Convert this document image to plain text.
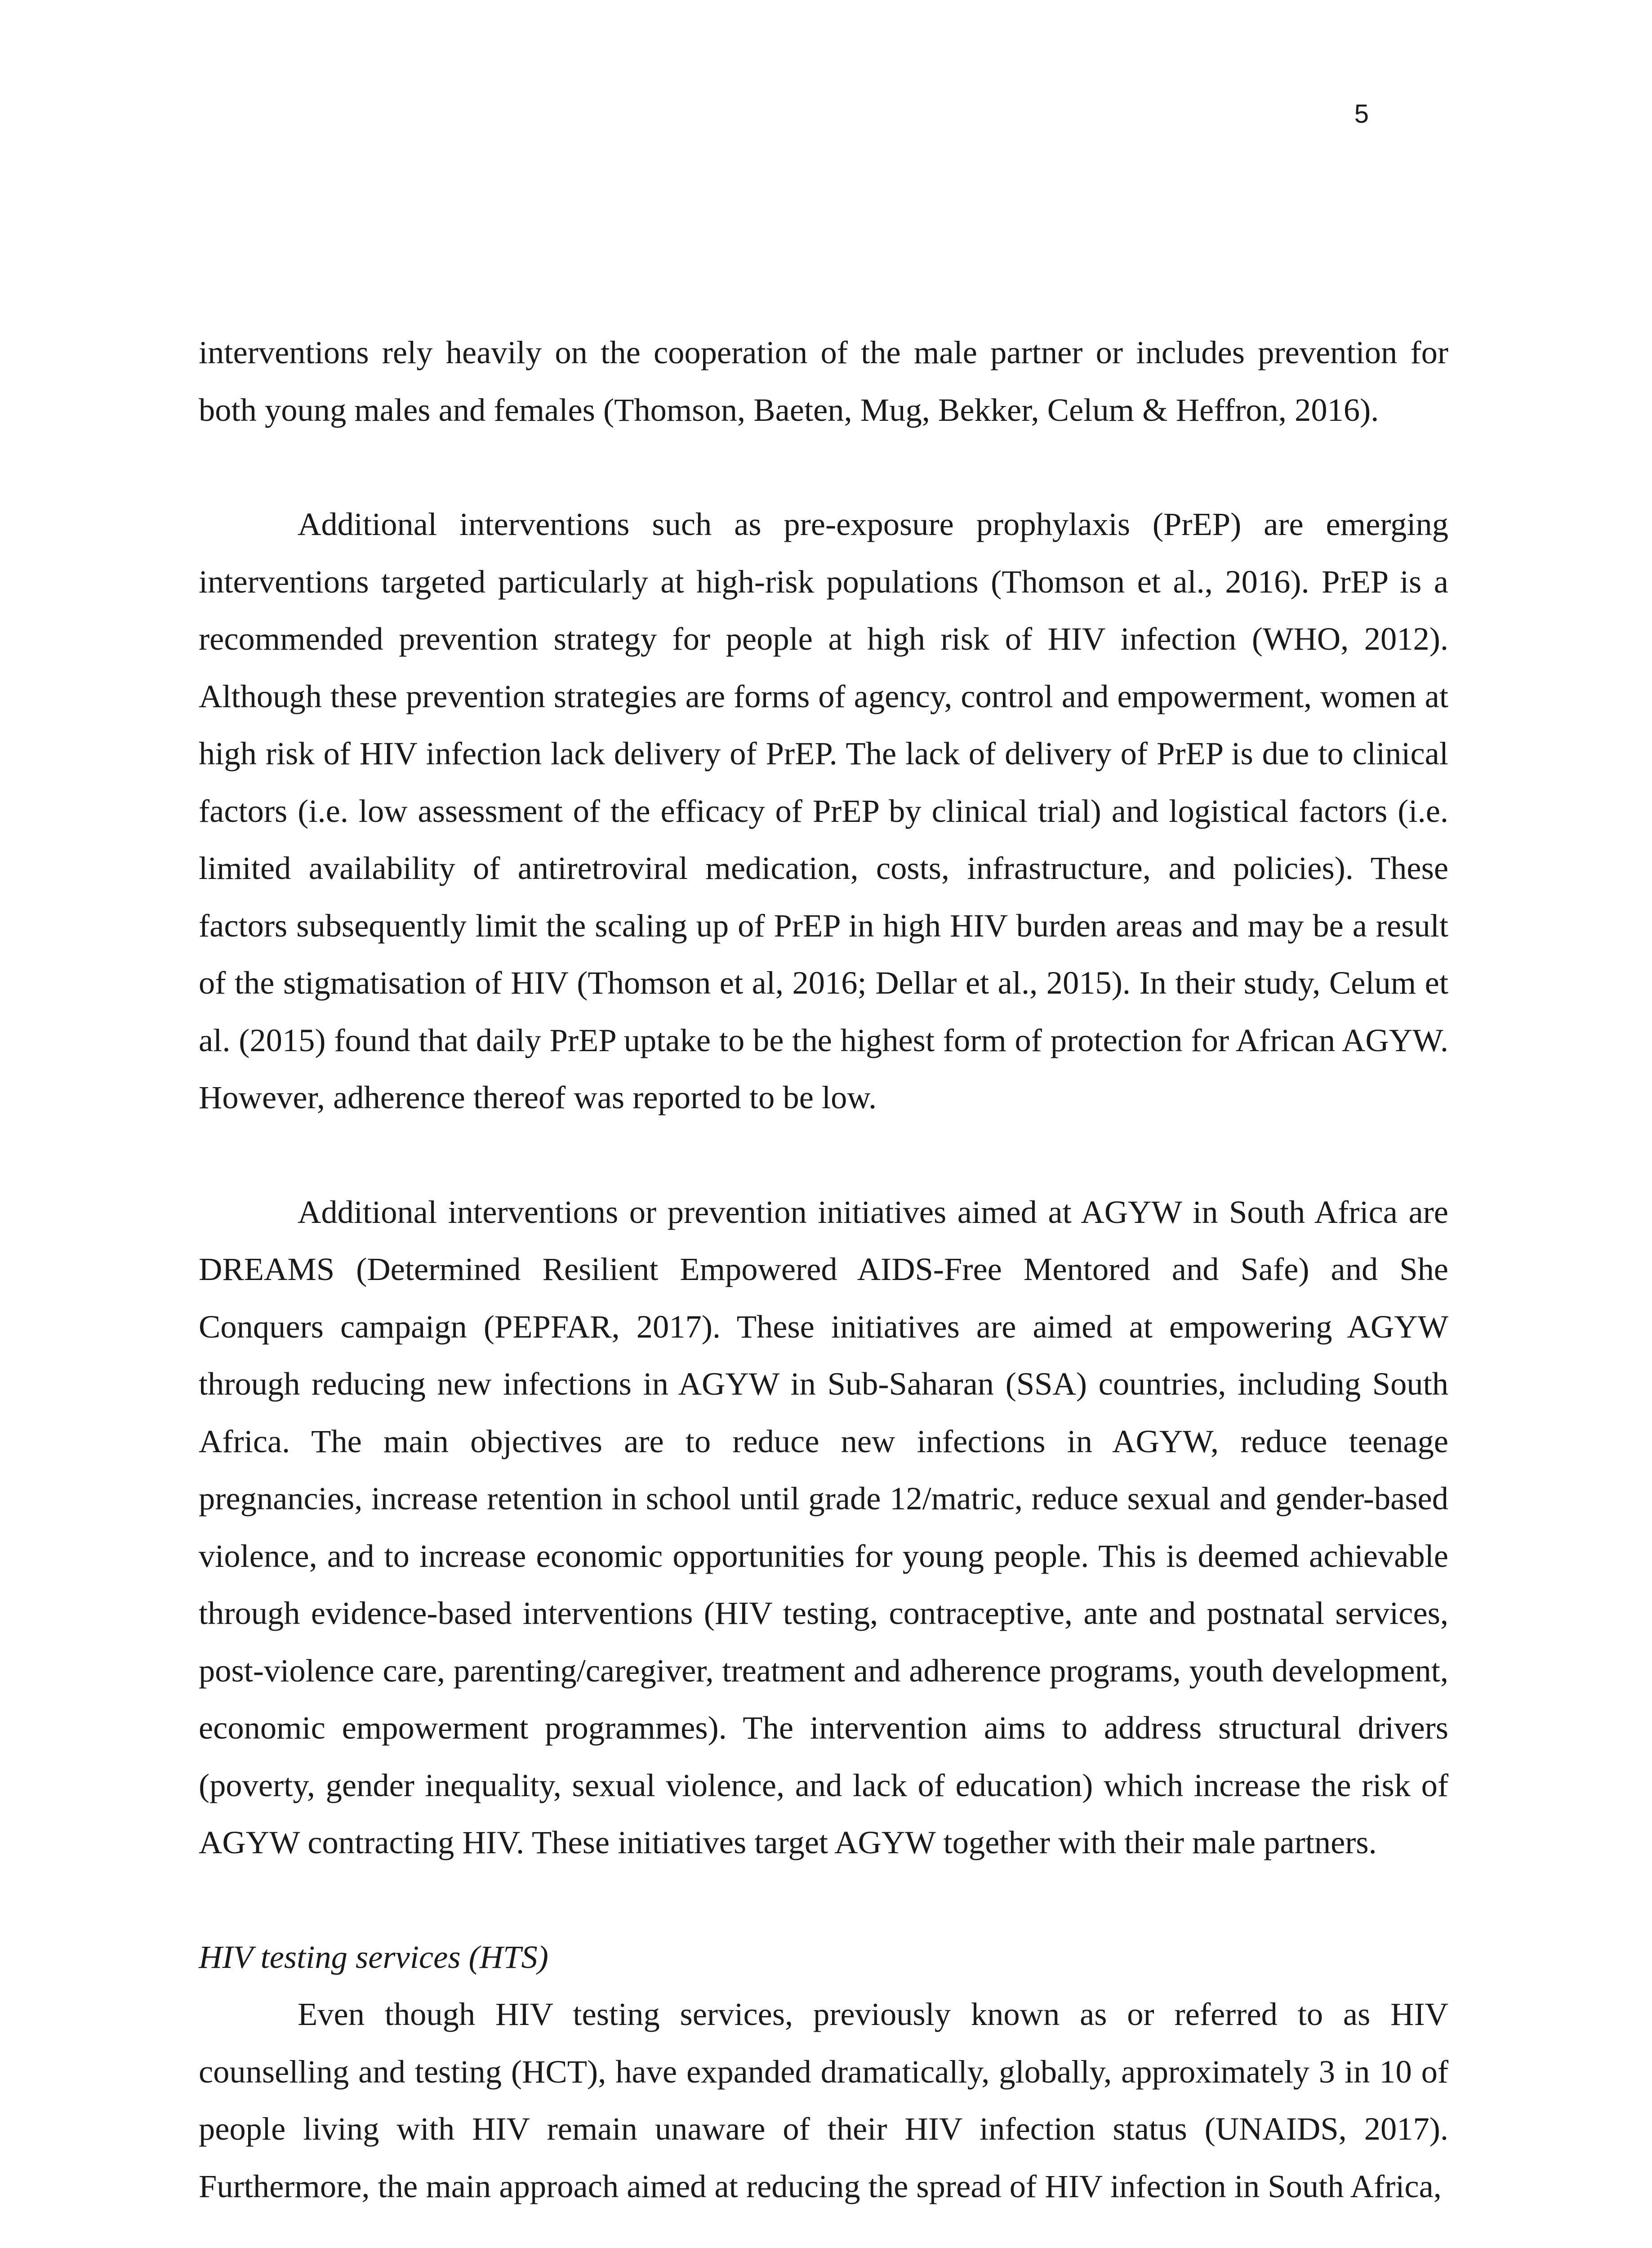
5

interventions rely heavily on the cooperation of the male partner or includes prevention for both young males and females (Thomson, Baeten, Mug, Bekker, Celum & Heffron, 2016).

Additional interventions such as pre-exposure prophylaxis (PrEP) are emerging interventions targeted particularly at high-risk populations (Thomson et al., 2016). PrEP is a recommended prevention strategy for people at high risk of HIV infection (WHO, 2012). Although these prevention strategies are forms of agency, control and empowerment, women at high risk of HIV infection lack delivery of PrEP. The lack of delivery of PrEP is due to clinical factors (i.e. low assessment of the efficacy of PrEP by clinical trial) and logistical factors (i.e. limited availability of antiretroviral medication, costs, infrastructure, and policies). These factors subsequently limit the scaling up of PrEP in high HIV burden areas and may be a result of the stigmatisation of HIV (Thomson et al, 2016; Dellar et al., 2015). In their study, Celum et al. (2015) found that daily PrEP uptake to be the highest form of protection for African AGYW. However, adherence thereof was reported to be low.

Additional interventions or prevention initiatives aimed at AGYW in South Africa are DREAMS (Determined Resilient Empowered AIDS-Free Mentored and Safe) and She Conquers campaign (PEPFAR, 2017). These initiatives are aimed at empowering AGYW through reducing new infections in AGYW in Sub-Saharan (SSA) countries, including South Africa. The main objectives are to reduce new infections in AGYW, reduce teenage pregnancies, increase retention in school until grade 12/matric, reduce sexual and gender-based violence, and to increase economic opportunities for young people. This is deemed achievable through evidence-based interventions (HIV testing, contraceptive, ante and postnatal services, post-violence care, parenting/caregiver, treatment and adherence programs, youth development, economic empowerment programmes). The intervention aims to address structural drivers (poverty, gender inequality, sexual violence, and lack of education) which increase the risk of AGYW contracting HIV. These initiatives target AGYW together with their male partners.

HIV testing services (HTS)

Even though HIV testing services, previously known as or referred to as HIV counselling and testing (HCT), have expanded dramatically, globally, approximately 3 in 10 of people living with HIV remain unaware of their HIV infection status (UNAIDS, 2017). Furthermore, the main approach aimed at reducing the spread of HIV infection in South Africa,
